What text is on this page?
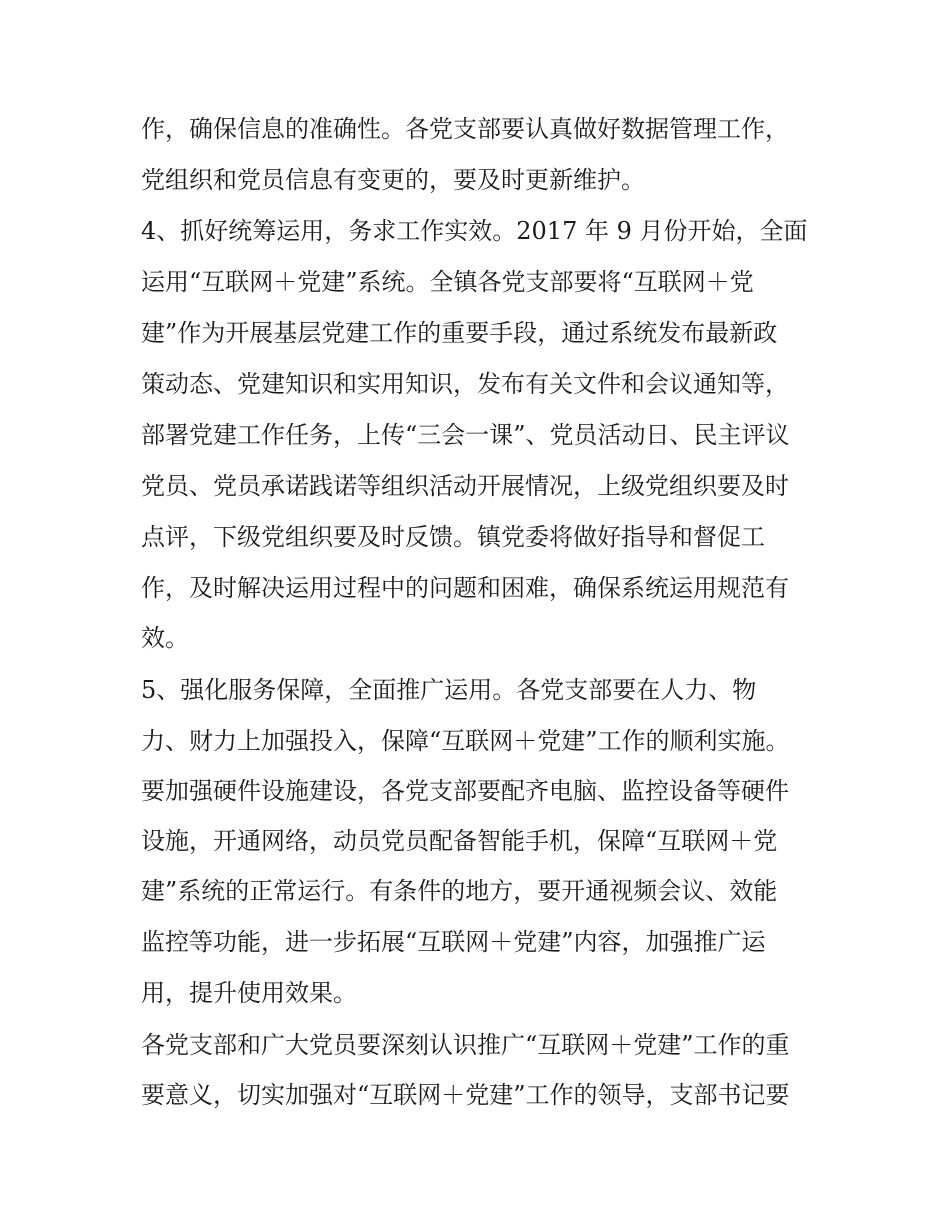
作，确保信息的准确性。各党支部要认真做好数据管理工作，
党组织和党员信息有变更的，要及时更新维护。
4、抓好统筹运用，务求工作实效。2017 年 9 月份开始，全面
运用“互联网＋党建”系统。全镇各党支部要将“互联网＋党
建”作为开展基层党建工作的重要手段，通过系统发布最新政
策动态、党建知识和实用知识，发布有关文件和会议通知等，
部署党建工作任务，上传“三会一课”、党员活动日、民主评议
党员、党员承诺践诺等组织活动开展情况，上级党组织要及时
点评，下级党组织要及时反馈。镇党委将做好指导和督促工
作，及时解决运用过程中的问题和困难，确保系统运用规范有
效。
5、强化服务保障，全面推广运用。各党支部要在人力、物
力、财力上加强投入，保障“互联网＋党建”工作的顺利实施。
要加强硬件设施建设，各党支部要配齐电脑、监控设备等硬件
设施，开通网络，动员党员配备智能手机，保障“互联网＋党
建”系统的正常运行。有条件的地方，要开通视频会议、效能
监控等功能，进一步拓展“互联网＋党建”内容，加强推广运
用，提升使用效果。
各党支部和广大党员要深刻认识推广“互联网＋党建”工作的重
要意义，切实加强对“互联网＋党建”工作的领导，支部书记要
